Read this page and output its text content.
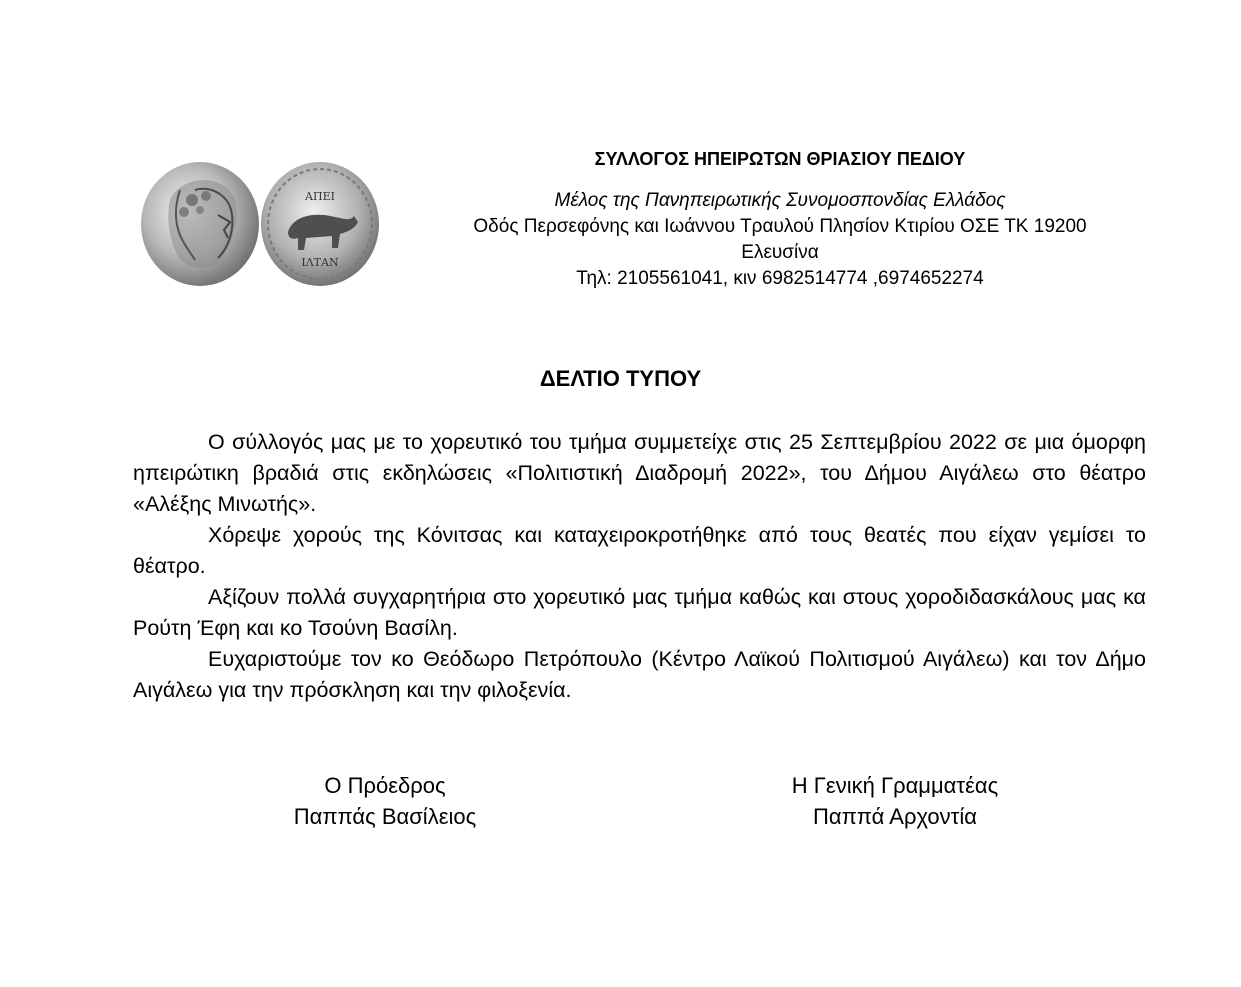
ΑΠΕΙ
ΙΛΤΑΝ
ΣΥΛΛΟΓΟΣ ΗΠΕΙΡΩΤΩΝ ΘΡΙΑΣΙΟΥ ΠΕΔΙΟΥ
Μέλος της Πανηπειρωτικής Συνομοσπονδίας Ελλάδος
Οδός Περσεφόνης και Ιωάννου Τραυλού Πλησίον Κτιρίου ΟΣΕ ΤΚ 19200
Ελευσίνα
Τηλ: 2105561041, κιν 6982514774 ,6974652274
ΔΕΛΤΙΟ ΤΥΠΟΥ

Ο σύλλογός μας με το χορευτικό του τμήμα συμμετείχε στις 25 Σεπτεμβρίου 2022 σε μια όμορφη ηπειρώτικη βραδιά στις εκδηλώσεις «Πολιτιστική Διαδρομή 2022», του Δήμου Αιγάλεω στο θέατρο «Αλέξης Μινωτής».

Χόρεψε χορούς της Κόνιτσας και καταχειροκροτήθηκε από τους θεατές που είχαν γεμίσει το θέατρο.

Αξίζουν πολλά συγχαρητήρια στο χορευτικό μας τμήμα καθώς και στους χοροδιδασκάλους μας κα Ρούτη Έφη και κο Τσούνη Βασίλη.

Ευχαριστούμε τον κο Θεόδωρο Πετρόπουλο (Κέντρο Λαϊκού Πολιτισμού Αιγάλεω) και τον Δήμο Αιγάλεω για την πρόσκληση και την φιλοξενία.

Ο Πρόεδρος
Παππάς Βασίλειος
Η Γενική Γραμματέας
Παππά Αρχοντία
